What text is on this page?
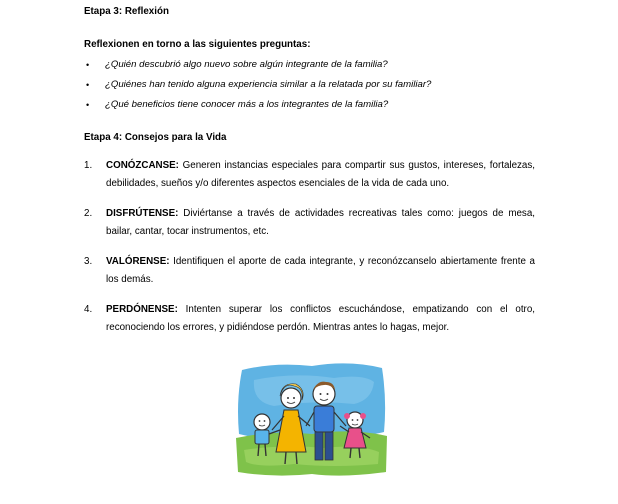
Etapa 3: Reflexión
Reflexionen en torno a las siguientes preguntas:
• ¿Quién descubrió algo nuevo sobre algún integrante de la familia?
• ¿Quiénes han tenido alguna experiencia similar a la relatada por su familiar?
• ¿Qué beneficios tiene conocer más a los integrantes de la familia?
Etapa 4: Consejos para la Vida
1. CONÓZCANSE: Generen instancias especiales para compartir sus gustos, intereses, fortalezas, debilidades, sueños y/o diferentes aspectos esenciales de la vida de cada uno.
2. DISFRÚTENSE: Diviértanse a través de actividades recreativas tales como: juegos de mesa, bailar, cantar, tocar instrumentos, etc.
3. VALÓRENSE: Identifiquen el aporte de cada integrante, y reconózcanselo abiertamente frente a los demás.
4. PERDÓNENSE: Intenten superar los conflictos escuchándose, empatizando con el otro, reconociendo los errores, y pidiéndose perdón. Mientras antes lo hagas, mejor.
